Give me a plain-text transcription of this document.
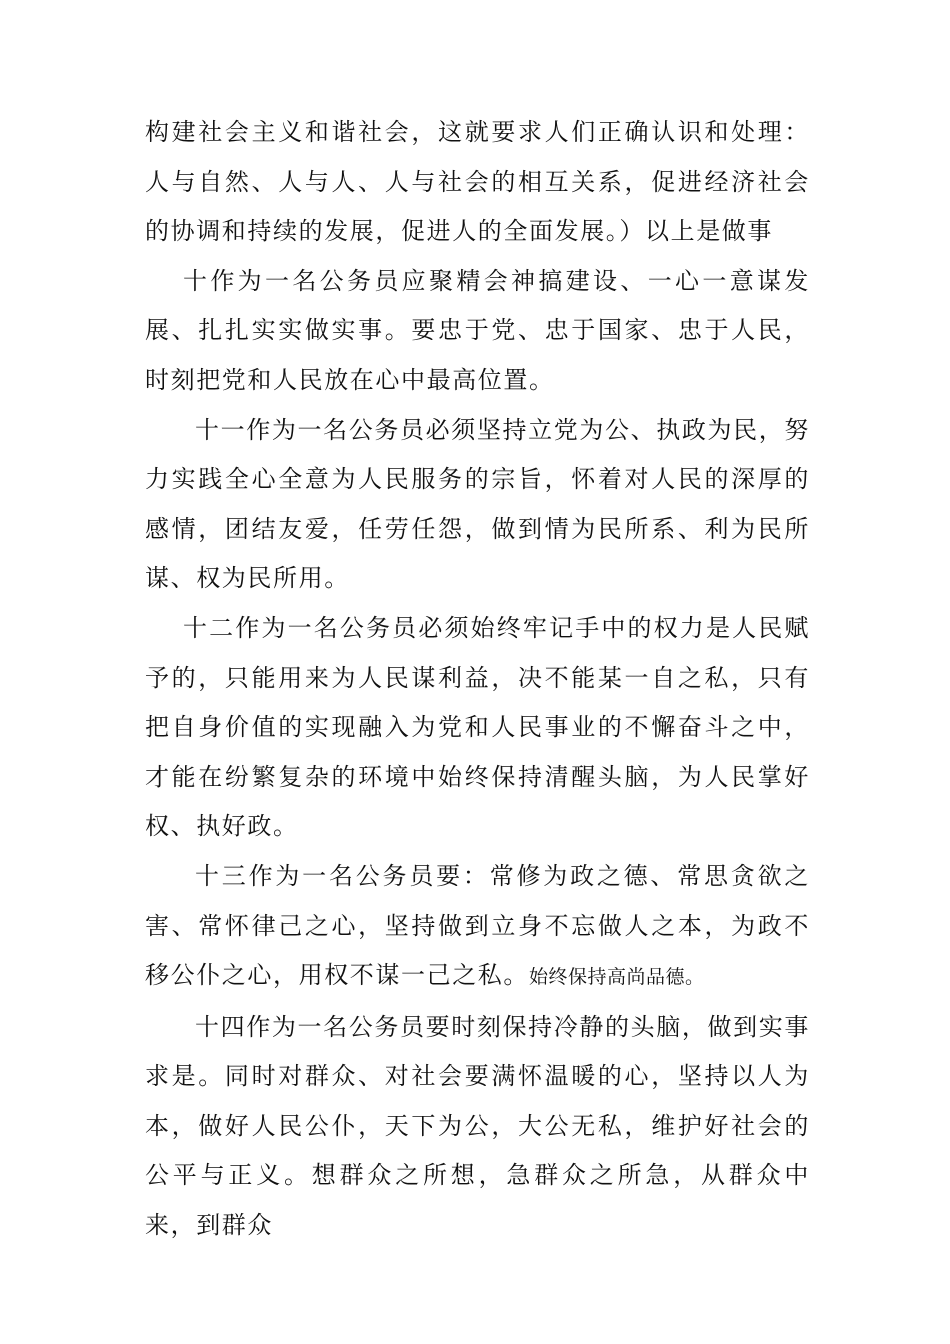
构建社会主义和谐社会，这就要求人们正确认识和处理：人与自然、人与人、人与社会的相互关系，促进经济社会的协调和持续的发展，促进人的全面发展。）以上是做事

十作为一名公务员应聚精会神搞建设、一心一意谋发展、扎扎实实做实事。要忠于党、忠于国家、忠于人民，时刻把党和人民放在心中最高位置。

十一作为一名公务员必须坚持立党为公、执政为民，努力实践全心全意为人民服务的宗旨，怀着对人民的深厚的感情，团结友爱，任劳任怨，做到情为民所系、利为民所谋、权为民所用。

十二作为一名公务员必须始终牢记手中的权力是人民赋予的，只能用来为人民谋利益，决不能某一自之私，只有把自身价值的实现融入为党和人民事业的不懈奋斗之中，才能在纷繁复杂的环境中始终保持清醒头脑，为人民掌好权、执好政。

十三作为一名公务员要：常修为政之德、常思贪欲之害、常怀律己之心，坚持做到立身不忘做人之本，为政不移公仆之心，用权不谋一己之私。始终保持高尚品德。

十四作为一名公务员要时刻保持冷静的头脑，做到实事求是。同时对群众、对社会要满怀温暖的心，坚持以人为本，做好人民公仆，天下为公，大公无私，维护好社会的公平与正义。想群众之所想，急群众之所急，从群众中来，到群众
